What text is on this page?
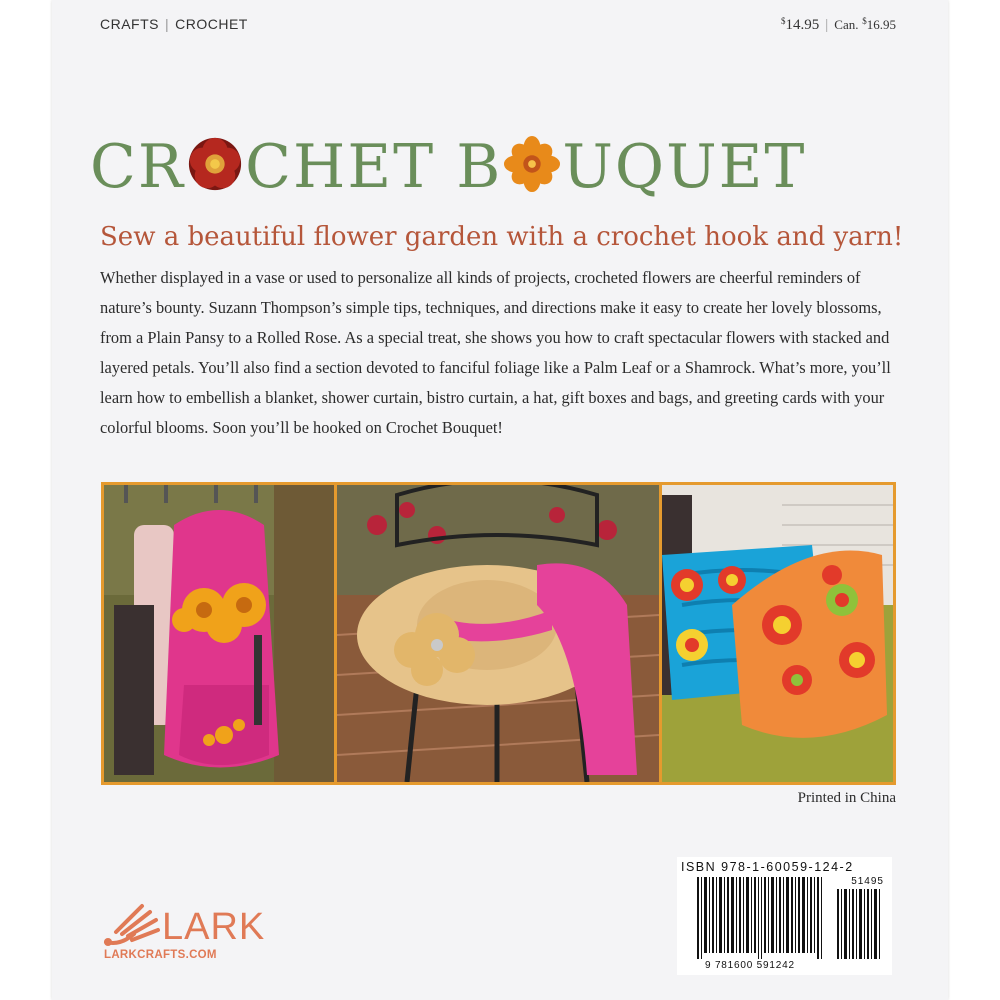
CRAFTS | CROCHET	$14.95 | Can. $16.95
CR CHET B UQUET
Sew a beautiful flower garden with a crochet hook and yarn!
Whether displayed in a vase or used to personalize all kinds of projects, crocheted flowers are cheerful reminders of nature’s bounty. Suzann Thompson’s simple tips, techniques, and directions make it easy to create her lovely blossoms, from a Plain Pansy to a Rolled Rose. As a special treat, she shows you how to craft spectacular flowers with stacked and layered petals. You’ll also find a section devoted to fanciful foliage like a Palm Leaf or a Shamrock. What’s more, you’ll learn how to embellish a blanket, shower curtain, bistro curtain, a hat, gift boxes and bags, and greeting cards with your colorful blooms. Soon you’ll be hooked on Crochet Bouquet!
Printed in China
ISBN 978-1-60059-124-2
51495
9 781600 591242
LARK
LARKCRAFTS.COM
